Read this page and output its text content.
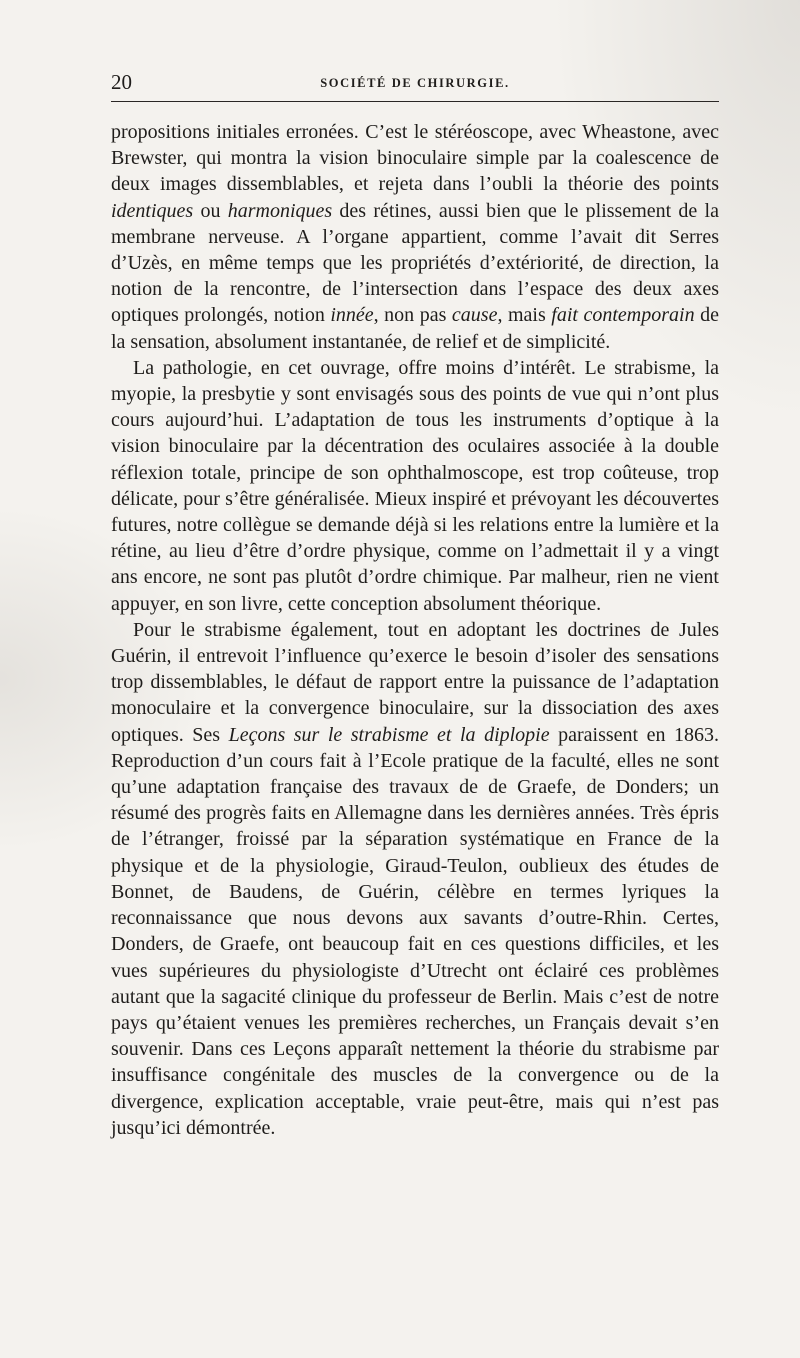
20	SOCIÉTÉ DE CHIRURGIE.

propositions initiales erronées. C’est le stéréoscope, avec Wheastone, avec Brewster, qui montra la vision binoculaire simple par la coalescence de deux images dissemblables, et rejeta dans l’oubli la théorie des points identiques ou harmoniques des rétines, aussi bien que le plissement de la membrane nerveuse. A l’organe appartient, comme l’avait dit Serres d’Uzès, en même temps que les propriétés d’extériorité, de direction, la notion de la rencontre, de l’intersection dans l’espace des deux axes optiques prolongés, notion innée, non pas cause, mais fait contemporain de la sensation, absolument instantanée, de relief et de simplicité.

La pathologie, en cet ouvrage, offre moins d’intérêt. Le strabisme, la myopie, la presbytie y sont envisagés sous des points de vue qui n’ont plus cours aujourd’hui. L’adaptation de tous les instruments d’optique à la vision binoculaire par la décentration des oculaires associée à la double réflexion totale, principe de son ophthalmoscope, est trop coûteuse, trop délicate, pour s’être généralisée. Mieux inspiré et prévoyant les découvertes futures, notre collègue se demande déjà si les relations entre la lumière et la rétine, au lieu d’être d’ordre physique, comme on l’admettait il y a vingt ans encore, ne sont pas plutôt d’ordre chimique. Par malheur, rien ne vient appuyer, en son livre, cette conception absolument théorique.

Pour le strabisme également, tout en adoptant les doctrines de Jules Guérin, il entrevoit l’influence qu’exerce le besoin d’isoler des sensations trop dissemblables, le défaut de rapport entre la puissance de l’adaptation monoculaire et la convergence binoculaire, sur la dissociation des axes optiques. Ses Leçons sur le strabisme et la diplopie paraissent en 1863. Reproduction d’un cours fait à l’Ecole pratique de la faculté, elles ne sont qu’une adaptation française des travaux de de Graefe, de Donders; un résumé des progrès faits en Allemagne dans les dernières années. Très épris de l’étranger, froissé par la séparation systématique en France de la physique et de la physiologie, Giraud-Teulon, oublieux des études de Bonnet, de Baudens, de Guérin, célèbre en termes lyriques la reconnaissance que nous devons aux savants d’outre-Rhin. Certes, Donders, de Graefe, ont beaucoup fait en ces questions difficiles, et les vues supérieures du physiologiste d’Utrecht ont éclairé ces problèmes autant que la sagacité clinique du professeur de Berlin. Mais c’est de notre pays qu’étaient venues les premières recherches, un Français devait s’en souvenir. Dans ces Leçons apparaît nettement la théorie du strabisme par insuffisance congénitale des muscles de la convergence ou de la divergence, explication acceptable, vraie peut-être, mais qui n’est pas jusqu’ici démontrée.
